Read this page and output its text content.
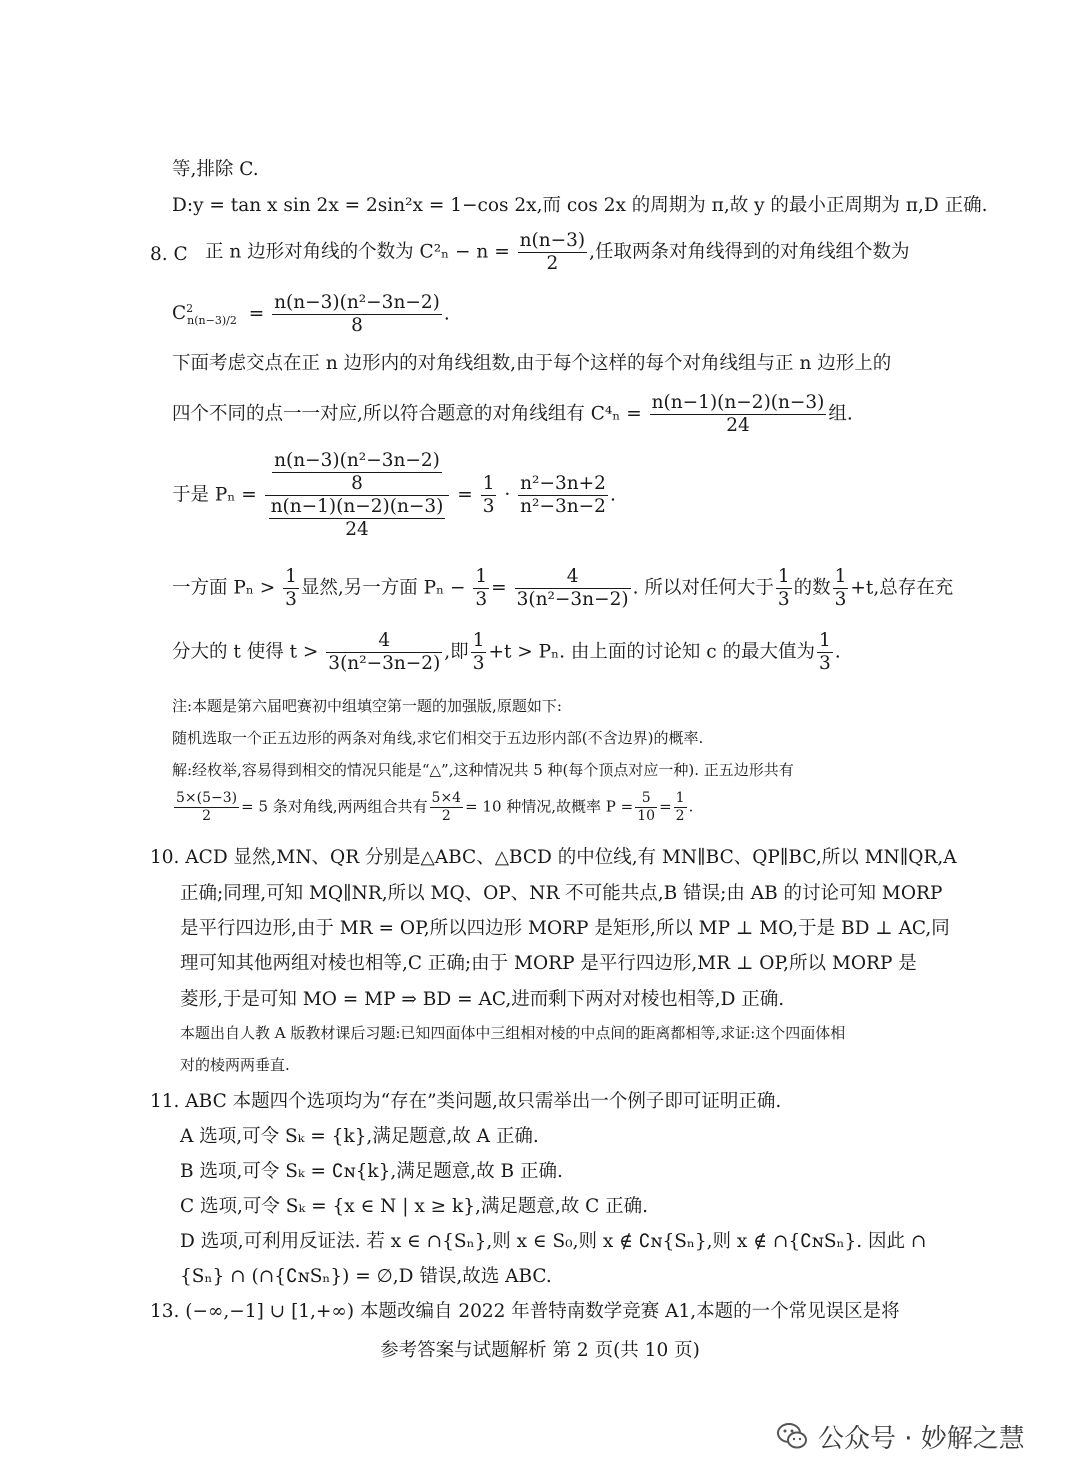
等,排除 C.
D:y = tan x sin 2x = 2sin²x = 1−cos 2x,而 cos 2x 的周期为 π,故 y 的最小正周期为 π,D 正确.
8. C 正 n 边形对角线的个数为 $C^2_n - n = \frac{n(n-3)}{2}$ ,任取两条对角线得到的对角线组个数为
$C^2_{n(n-3)/2} = \frac{\text{n(n−3)(n²−3n−2)}}{8}$ .
下面考虑交点在正 n 边形内的对角线组数,由于每个这样的每个对角线组与正 n 边形上的
四个不同的点一一对应,所以符合题意的对角线组有 $C^4_n = \frac{n(n-1)(n-2)(n-3)}{24}$ 组.
于是 $P_n = \frac{\frac{\text{n(n−3)(n²−3n−2)}}{8}}{\frac{n(n-1)(n-2)(n-3)}{24}} = \frac{1}{3} \cdot \frac{\text{n²−3n+2}}{\text{n²−3n−2}}$ .
一方面 $P_n > \frac{1}{3}$ 显然,另一方面 $P_n - \frac{1}{3} = \frac{4}{\text{3(n²−3n−2)}}$ . 所以对任何大于 $\frac{1}{3}$ 的数 $\frac{1}{3} +t$,总存在充
分大的 t 使得 $t > \frac{4}{\text{3(n²−3n−2)}}$ ,即 $\frac{1}{3} +t > P_n$. 由上面的讨论知 c 的最大值为 $\frac{1}{3}$ .
注:本题是第六届吧赛初中组填空第一题的加强版,原题如下:
随机选取一个正五边形的两条对角线,求它们相交于五边形内部(不含边界)的概率.
解:经枚举,容易得到相交的情况只能是“△”,这种情况共 5 种(每个顶点对应一种). 正五边形共有
$\frac{5\times(5-3)}{2} = 5$ 条对角线,两两组合共有 $\frac{5\times 4}{2} = 10$ 种情况,故概率 $P = \frac{5}{10} = \frac{1}{2}$ .
10. ACD 显然,MN、QR 分别是△ABC、△BCD 的中位线,有 MN∥BC、QP∥BC,所以 MN∥QR,A
正确;同理,可知 MQ∥NR,所以 MQ、OP、NR 不可能共点,B 错误;由 AB 的讨论可知 MORP
是平行四边形,由于 MR = OP,所以四边形 MORP 是矩形,所以 MP ⊥ MO,于是 BD ⊥ AC,同
理可知其他两组对棱也相等,C 正确;由于 MORP 是平行四边形,MR ⊥ OP,所以 MORP 是
菱形,于是可知 MO = MP ⇒ BD = AC,进而剩下两对对棱也相等,D 正确.
本题出自人教 A 版教材课后习题:已知四面体中三组相对棱的中点间的距离都相等,求证:这个四面体相
对的棱两两垂直.
11. ABC 本题四个选项均为“存在”类问题,故只需举出一个例子即可证明正确.
A 选项,可令 Sₖ = {k},满足题意,故 A 正确.
B 选项,可令 Sₖ = ∁ɴ{k},满足题意,故 B 正确.
C 选项,可令 Sₖ = {x ∈ N | x ≥ k},满足题意,故 C 正确.
D 选项,可利用反证法. 若 x ∈ ∩{Sₙ},则 x ∈ S₀,则 x ∉ ∁ɴ{Sₙ},则 x ∉ ∩{∁ɴSₙ}. 因此 ∩
{Sₙ} ∩ (∩{∁ɴSₙ}) = ∅,D 错误,故选 ABC.
13. (−∞,−1] ∪ [1,+∞) 本题改编自 2022 年普特南数学竞赛 A1,本题的一个常见误区是将
参考答案与试题解析 第 2 页(共 10 页)
公众号 · 妙解之慧
